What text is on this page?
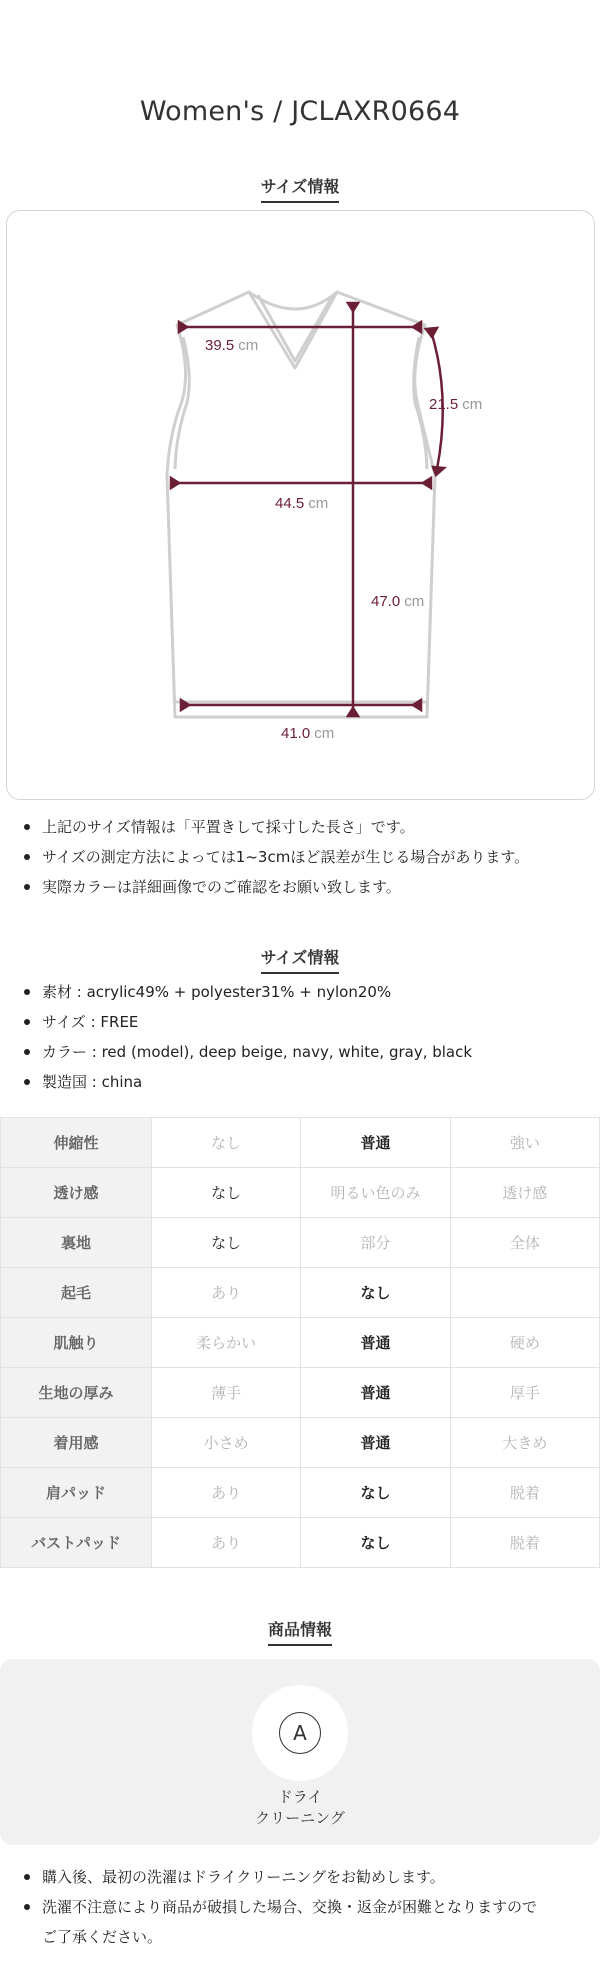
Women's / JCLAXR0664
サイズ情報
39.5 cm
21.5 cm
44.5 cm
47.0 cm
41.0 cm
上記のサイズ情報は「平置きして採寸した長さ」です。
サイズの測定方法によっては1~3cmほど誤差が生じる場合があります。
実際カラーは詳細画像でのご確認をお願い致します。
サイズ情報
素材 : acrylic49% + polyester31% + nylon20%
サイズ : FREE
カラー : red (model), deep beige, navy, white, gray, black
製造国 : china
伸縮性	なし	普通	強い
透け感	なし	明るい色のみ	透け感
裏地	なし	部分	全体
起毛	あり	なし	
肌触り	柔らかい	普通	硬め
生地の厚み	薄手	普通	厚手
着用感	小さめ	普通	大きめ
肩パッド	あり	なし	脱着
バストパッド	あり	なし	脱着
商品情報
A
ドライ
クリーニング
購入後、最初の洗濯はドライクリーニングをお勧めします。
洗濯不注意により商品が破損した場合、交換・返金が困難となりますので
ご了承ください。
